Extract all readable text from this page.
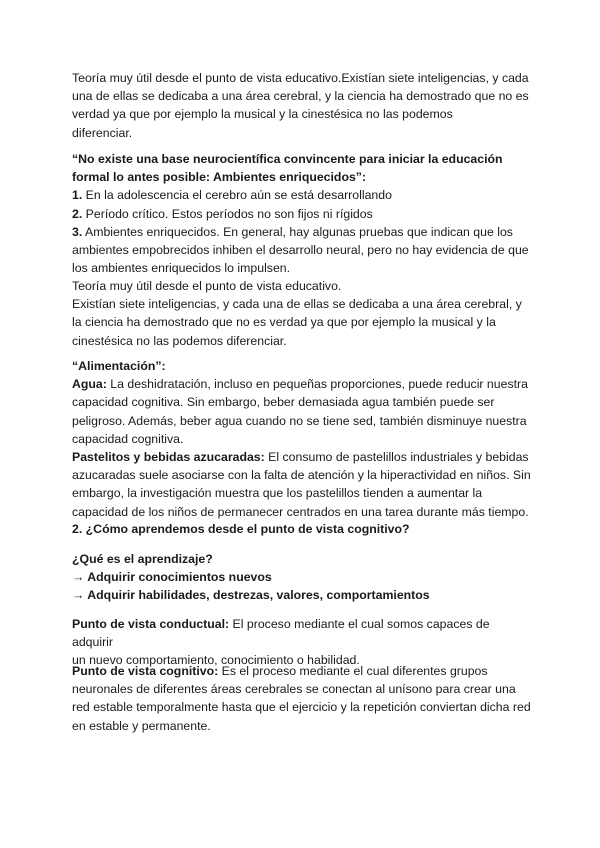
Teoría muy útil desde el punto de vista educativo.Existían siete inteligencias, y cada

una de ellas se dedicaba a una área cerebral, y la ciencia ha demostrado que no es

verdad ya que por ejemplo la musical y la cinestésica no las podemos

diferenciar.

“No existe una base neurocientífica convincente para iniciar la educación

formal lo antes posible: Ambientes enriquecidos”:

1. En la adolescencia el cerebro aún se está desarrollando

2. Período crítico. Estos períodos no son fijos ni rígidos

3. Ambientes enriquecidos. En general, hay algunas pruebas que indican que los

ambientes empobrecidos inhiben el desarrollo neural, pero no hay evidencia de que

los ambientes enriquecidos lo impulsen.

Teoría muy útil desde el punto de vista educativo.

Existían siete inteligencias, y cada una de ellas se dedicaba a una área cerebral, y

la ciencia ha demostrado que no es verdad ya que por ejemplo la musical y la

cinestésica no las podemos diferenciar.

“Alimentación”:

Agua: La deshidratación, incluso en pequeñas proporciones, puede reducir nuestra

capacidad cognitiva. Sin embargo, beber demasiada agua también puede ser

peligroso. Además, beber agua cuando no se tiene sed, también disminuye nuestra

capacidad cognitiva.

Pastelitos y bebidas azucaradas: El consumo de pastelillos industriales y bebidas

azucaradas suele asociarse con la falta de atención y la hiperactividad en niños. Sin

embargo, la investigación muestra que los pastelillos tienden a aumentar la

capacidad de los niños de permanecer centrados en una tarea durante más tiempo.

2. ¿Cómo aprendemos desde el punto de vista cognitivo?

¿Qué es el aprendizaje?

→ Adquirir conocimientos nuevos

→ Adquirir habilidades, destrezas, valores, comportamientos

Punto de vista conductual: El proceso mediante el cual somos capaces de adquirir

un nuevo comportamiento, conocimiento o habilidad.

Punto de vista cognitivo: Es el proceso mediante el cual diferentes grupos

neuronales de diferentes áreas cerebrales se conectan al unísono para crear una

red estable temporalmente hasta que el ejercicio y la repetición conviertan dicha red

en estable y permanente.
